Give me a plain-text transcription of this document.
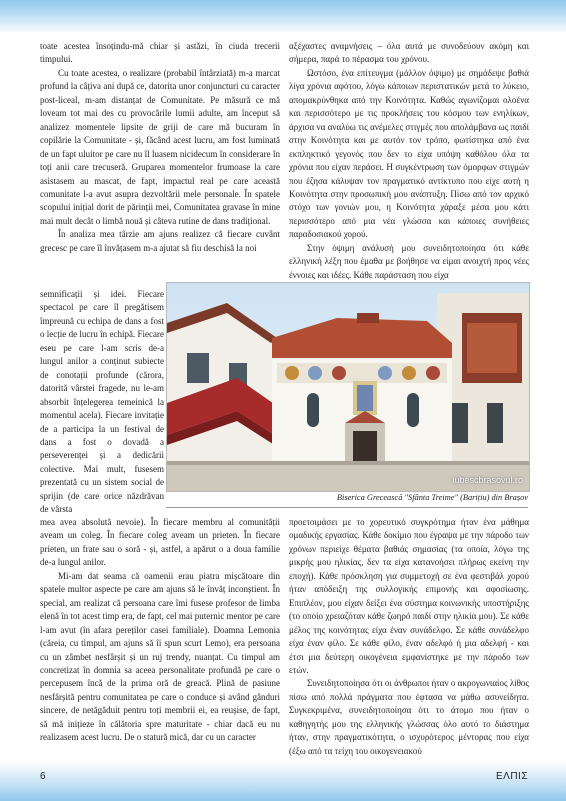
toate acestea însoțindu-mă chiar și astăzi, în ciuda trecerii timpului.

Cu toate acestea, o realizare (probabil întârziată) m-a marcat profund la câțiva ani după ce, datorita unor conjuncturi cu caracter post-liceal, m-am distanțat de Comunitate. Pe măsură ce mă loveam tot mai des cu provocările lumii adulte, am început să analizez momentele lipsite de griji de care mă bucuram în copilărie la Comunitate - și, făcând acest lucru, am fost luminată de un fapt uluitor pe care nu îl luasem nicidecum în considerare în toți anii care trecuseră. Gruparea momentelor frumoase la care asistasem au mascat, de fapt, impactul real pe care această comunitate l-a avut asupra dezvoltării mele personale. În spatele scopului inițial dorit de părinții mei, Comunitatea gravase în mine mai mult decât o limbă nouă și câteva rutine de dans tradițional.

În analiza mea târzie am ajuns realizez că fiecare cuvânt grecesc pe care îl învățasem m-a ajutat să fiu deschisă la noi

semnificații și idei. Fiecare spectacol pe care îl pregătisem împreună cu echipa de dans a fost o lecție de lucru în echipă. Fiecare eseu pe care l-am scris de-a lungul anilor a conținut subiecte de conotații profunde (cărora, datorită vârstei fragede, nu le-am absorbit înțelegerea temeinică la momentul acela). Fiecare invitație de a participa la un festival de dans a fost o dovadă a perseverenței și a dedicării colective. Mai mult, fusesem prezentată cu un sistem social de sprijin (de care orice năzdrăvan de vârsta

mea avea absolută nevoie). În fiecare membru al comunității aveam un coleg. În fiecare coleg aveam un prieten. În fiecare prieten, un frate sau o soră - și, astfel, a apărut o a doua familie de-a lungul anilor.

Mi-am dat seama că oamenii erau piatra mișcătoare din spatele multor aspecte pe care am ajuns să le învăț inconștient. În special, am realizat că persoana care îmi fusese profesor de limba elenă în tot acest timp era, de fapt, cel mai puternic mentor pe care l-am avut (în afara pereților casei familiale). Doamna Lemonia (căreia, cu timpul, am ajuns să îi spun scurt Lemo), era persoana cu un zâmbet nesfârșit și un ruj trendy, nuanțat. Cu timpul am concretizat în domnia sa aceea personalitate profundă pe care o percepusem încă de la prima oră de greacă. Plină de pasiune nesfârșită pentru comunitatea pe care o conduce și având gânduri sincere, de netăgăduit pentru toți membrii ei, ea reușise, de fapt, să mă inițieze în călătoria spre maturitate - chiar dacă eu nu realizasem acest lucru. De o statură mică, dar cu un caracter

αξέχαστες αναμνήσεις – όλα αυτά με συνοδεύουν ακόμη και σήμερα, παρά το πέρασμα του χρόνου.

Ωστόσο, ένα επίτευγμα (μάλλον όψιμο) με σημάδεψε βαθιά λίγα χρόνια αφότου, λόγω κάποιων περιστατικών μετά το λύκειο, απομακρύνθηκα από την Κοινότητα. Καθώς αγωνίζομαι ολοένα και περισσότερο με τις προκλήσεις του κόσμου των ενηλίκων, άρχισα να αναλύω τις ανέμελες στιγμές που απολάμβανα ως παιδί στην Κοινότητα και με αυτόν τον τρόπο, φωτίστηκα από ένα εκπληκτικό γεγονός που δεν το είχα υπόψη καθόλου όλα τα χρόνια που είχαν περάσει. Η συγκέντρωση των όμορφων στιγμών που έζησα κάλυψαν τον πραγματικό αντίκτυπο που είχε αυτή η Κοινότητα στην προσωπική μου ανάπτυξη. Πίσω από τον αρχικό στόχο των γονιών μου, η Κοινότητα χάραξε μέσα μου κάτι περισσότερο από μια νέα γλώσσα και κάποιες συνήθειες παραδοσιακού χορού.

Στην όψιμη ανάλυσή μου συνειδητοποίησα ότι κάθε ελληνική λέξη που έμαθα με βοήθησε να είμαι ανοιχτή προς νέες έννοιες και ιδέες. Κάθε παράσταση που είχα

προετοιμάσει με το χορευτικό συγκρότημα ήταν ένα μάθημα ομαδικής εργασίας. Κάθε δοκίμιο που έγραψα με την πάροδο των χρόνων περιείχε θέματα βαθιάς σημασίας (τα οποία, λόγω της μικρής μου ηλικίας, δεν τα είχα κατανοήσει πλήρως εκείνη την εποχή). Κάθε πρόσκληση για συμμετοχή σε ένα φεστιβάλ χορού ήταν απόδειξη της συλλογικής επιμονής και αφοσίωσης. Επιπλέον, μου είχαν δείξει ένα σύστημα κοινωνικής υποστήριξης (το οποίο χρειαζόταν κάθε ζωηρό παιδί στην ηλικία μου). Σε κάθε μέλος της κοινότητας είχα έναν συνάδελφο. Σε κάθε συνάδελφο είχα έναν φίλο. Σε κάθε φίλο, έναν αδελφό ή μια αδελφή - και έτσι μια δεύτερη οικογένεια εμφανίστηκε με την πάροδο των ετών.

Συνειδητοποίησα ότι οι άνθρωποι ήταν ο ακρογωνιαίος λίθος πίσω από πολλά πράγματα που έφτασα να μάθω ασυνείδητα. Συγκεκριμένα, συνειδητοποίησα ότι το άτομο που ήταν ο καθηγητής μου της ελληνικής γλώσσας όλο αυτό το διάστημα ήταν, στην πραγματικότητα, ο ισχυρότερος μέντορας που είχα (έξω από τα τείχη του οικογενειακού

iubescbrasovul.ro
Biserica Grecească "Sfânta Treime" (Barițiu) din Brașov
6	ΕΛΠΙΣ
